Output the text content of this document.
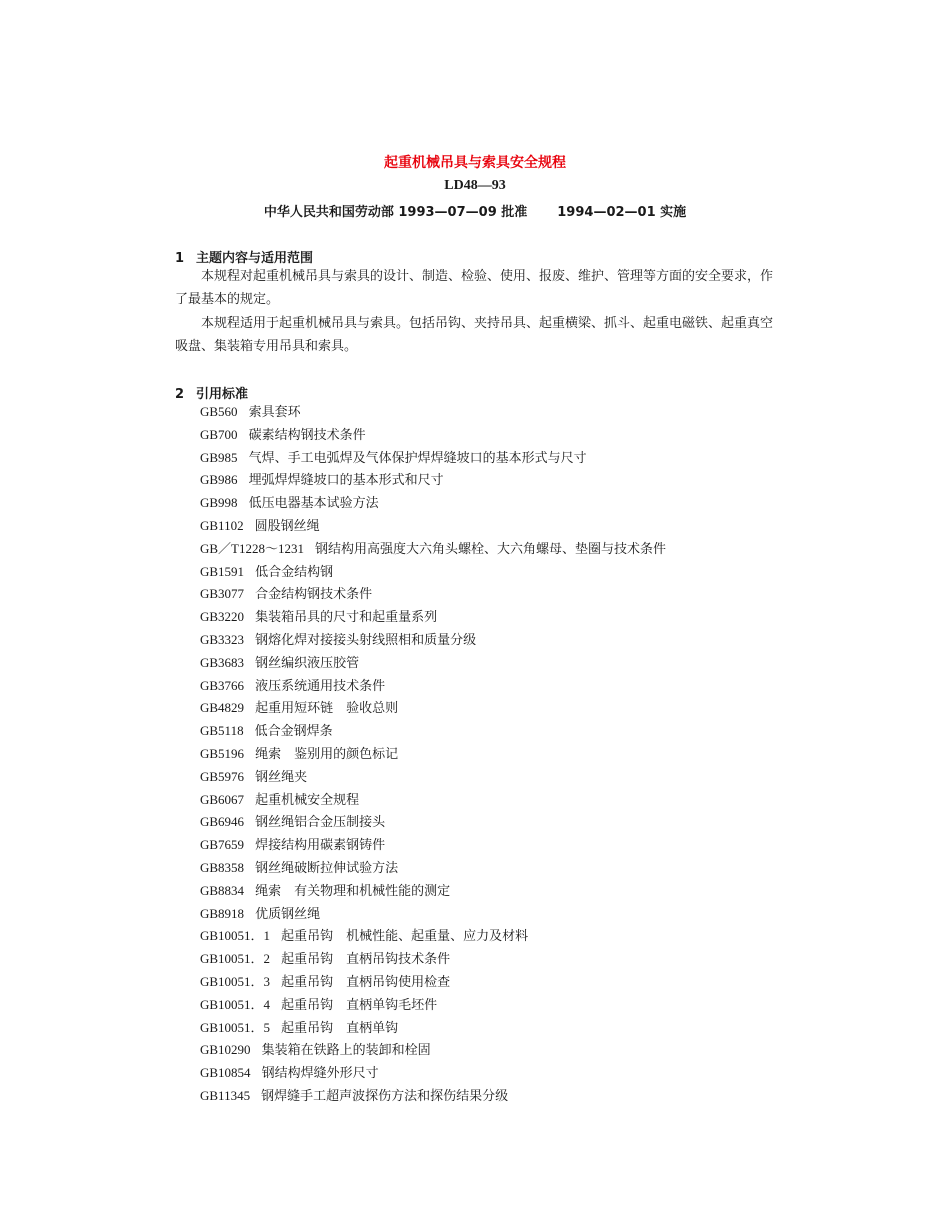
起重机械吊具与索具安全规程
LD48—93
中华人民共和国劳动部 1993—07—09 批准 1994—02—01 实施
1 主题内容与适用范围
本规程对起重机械吊具与索具的设计、制造、检验、使用、报废、维护、管理等方面的安全要求，作了最基本的规定。
本规程适用于起重机械吊具与索具。包括吊钩、夹持吊具、起重横梁、抓斗、起重电磁铁、起重真空吸盘、集装箱专用吊具和索具。
2 引用标准
GB560 索具套环
GB700 碳素结构钢技术条件
GB985 气焊、手工电弧焊及气体保护焊焊缝坡口的基本形式与尺寸
GB986 埋弧焊焊缝坡口的基本形式和尺寸
GB998 低压电器基本试验方法
GB1102 圆股钢丝绳
GB／T1228～1231 钢结构用高强度大六角头螺栓、大六角螺母、垫圈与技术条件
GB1591 低合金结构钢
GB3077 合金结构钢技术条件
GB3220 集装箱吊具的尺寸和起重量系列
GB3323 钢熔化焊对接接头射线照相和质量分级
GB3683 钢丝编织液压胶管
GB3766 液压系统通用技术条件
GB4829 起重用短环链　验收总则
GB5118 低合金钢焊条
GB5196 绳索　鉴别用的颜色标记
GB5976 钢丝绳夹
GB6067 起重机械安全规程
GB6946 钢丝绳铝合金压制接头
GB7659 焊接结构用碳素钢铸件
GB8358 钢丝绳破断拉伸试验方法
GB8834 绳索　有关物理和机械性能的测定
GB8918 优质钢丝绳
GB10051．1 起重吊钩　机械性能、起重量、应力及材料
GB10051．2 起重吊钩　直柄吊钩技术条件
GB10051．3 起重吊钩　直柄吊钩使用检查
GB10051．4 起重吊钩　直柄单钩毛坯件
GB10051．5 起重吊钩　直柄单钩
GB10290 集装箱在铁路上的装卸和栓固
GB10854 钢结构焊缝外形尺寸
GB11345 钢焊缝手工超声波探伤方法和探伤结果分级
